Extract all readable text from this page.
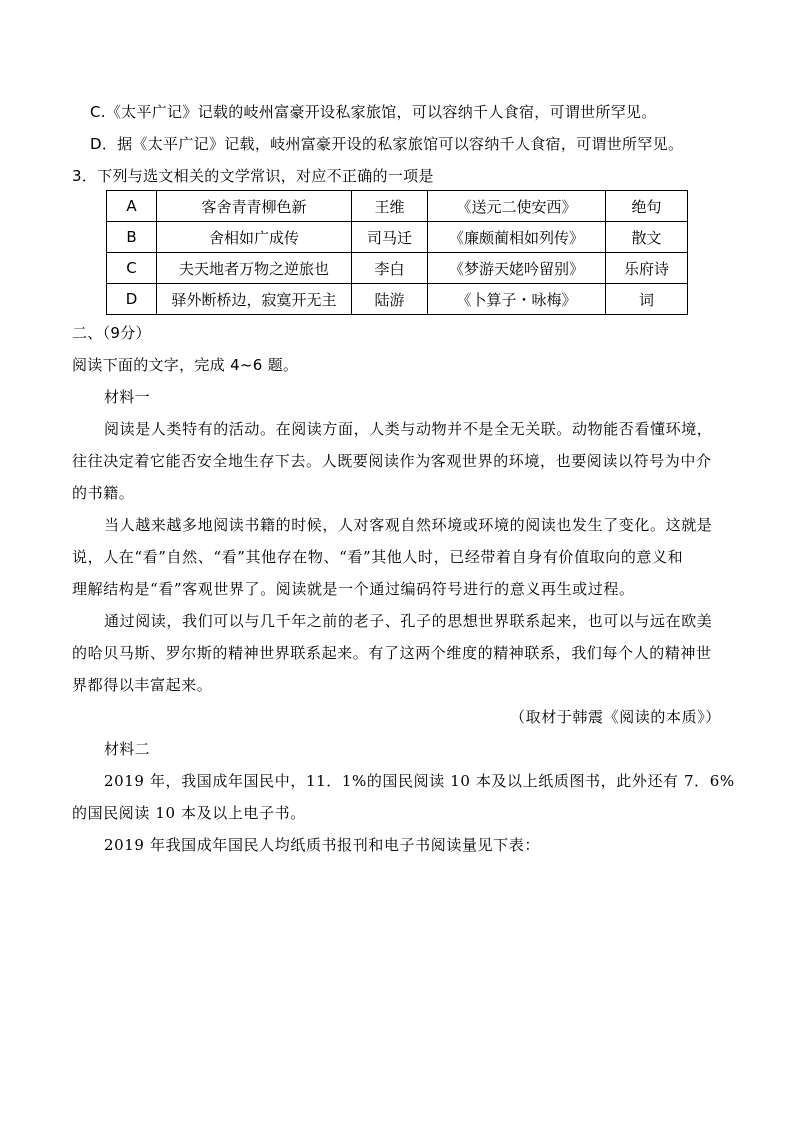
C.《太平广记》记载的岐州富豪开设私家旅馆，可以容纳千人食宿，可谓世所罕见。
D．据《太平广记》记载，岐州富豪开设的私家旅馆可以容纳千人食宿，可谓世所罕见。
3．下列与选文相关的文学常识，对应不正确的一项是
A	客舍青青柳色新	王维	《送元二使安西》	绝句
B	舍相如广成传	司马迁	《廉颇蔺相如列传》	散文
C	夫天地者万物之逆旅也	李白	《梦游天姥吟留别》	乐府诗
D	驿外断桥边，寂寞开无主	陆游	《卜算子・咏梅》	词
二、（9分）
阅读下面的文字，完成 4~6 题。
材料一
阅读是人类特有的活动。在阅读方面，人类与动物并不是全无关联。动物能否看懂环境，
往往决定着它能否安全地生存下去。人既要阅读作为客观世界的环境，也要阅读以符号为中介
的书籍。
当人越来越多地阅读书籍的时候，人对客观自然环境或环境的阅读也发生了变化。这就是
说，人在“看”自然、“看”其他存在物、“看”其他人时，已经带着自身有价值取向的意义和
理解结构是“看”客观世界了。阅读就是一个通过编码符号进行的意义再生或过程。
通过阅读，我们可以与几千年之前的老子、孔子的思想世界联系起来，也可以与远在欧美
的哈贝马斯、罗尔斯的精神世界联系起来。有了这两个维度的精神联系，我们每个人的精神世
界都得以丰富起来。
（取材于韩震《阅读的本质》）
材料二
2019 年，我国成年国民中，11．1%的国民阅读 10 本及以上纸质图书，此外还有 7．6%
的国民阅读 10 本及以上电子书。
2019 年我国成年国民人均纸质书报刊和电子书阅读量见下表：
